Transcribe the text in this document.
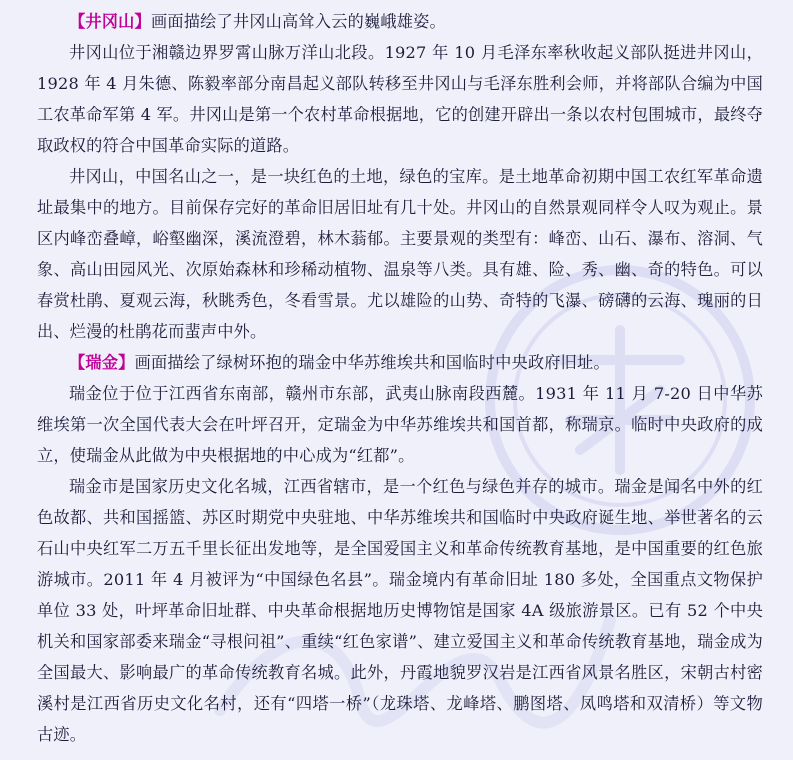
【井冈山】画面描绘了井冈山高耸入云的巍峨雄姿。

井冈山位于湘赣边界罗霄山脉万洋山北段。1927 年 10 月毛泽东率秋收起义部队挺进井冈山，1928 年 4 月朱德、陈毅率部分南昌起义部队转移至井冈山与毛泽东胜利会师，并将部队合编为中国工农革命军第 4 军。井冈山是第一个农村革命根据地，它的创建开辟出一条以农村包围城市，最终夺取政权的符合中国革命实际的道路。

井冈山，中国名山之一，是一块红色的土地，绿色的宝库。是土地革命初期中国工农红军革命遗址最集中的地方。目前保存完好的革命旧居旧址有几十处。井冈山的自然景观同样令人叹为观止。景区内峰峦叠嶂，峪壑幽深，溪流澄碧，林木蓊郁。主要景观的类型有：峰峦、山石、瀑布、溶洞、气象、高山田园风光、次原始森林和珍稀动植物、温泉等八类。具有雄、险、秀、幽、奇的特色。可以春赏杜鹃、夏观云海，秋眺秀色，冬看雪景。尤以雄险的山势、奇特的飞瀑、磅礴的云海、瑰丽的日出、烂漫的杜鹃花而蜚声中外。

【瑞金】画面描绘了绿树环抱的瑞金中华苏维埃共和国临时中央政府旧址。

瑞金位于位于江西省东南部，赣州市东部，武夷山脉南段西麓。1931 年 11 月 7-20 日中华苏维埃第一次全国代表大会在叶坪召开，定瑞金为中华苏维埃共和国首都，称瑞京。临时中央政府的成立，使瑞金从此做为中央根据地的中心成为“红都”。

瑞金市是国家历史文化名城，江西省辖市，是一个红色与绿色并存的城市。瑞金是闻名中外的红色故都、共和国摇篮、苏区时期党中央驻地、中华苏维埃共和国临时中央政府诞生地、举世著名的云石山中央红军二万五千里长征出发地等，是全国爱国主义和革命传统教育基地，是中国重要的红色旅游城市。2011 年 4 月被评为“中国绿色名县”。瑞金境内有革命旧址 180 多处，全国重点文物保护单位 33 处，叶坪革命旧址群、中央革命根据地历史博物馆是国家 4A 级旅游景区。已有 52 个中央机关和国家部委来瑞金“寻根问祖”、重续“红色家谱”、建立爱国主义和革命传统教育基地，瑞金成为全国最大、影响最广的革命传统教育名城。此外，丹霞地貌罗汉岩是江西省风景名胜区，宋朝古村密溪村是江西省历史文化名村，还有“四塔一桥”（龙珠塔、龙峰塔、鹏图塔、凤鸣塔和双清桥）等文物古迹。
